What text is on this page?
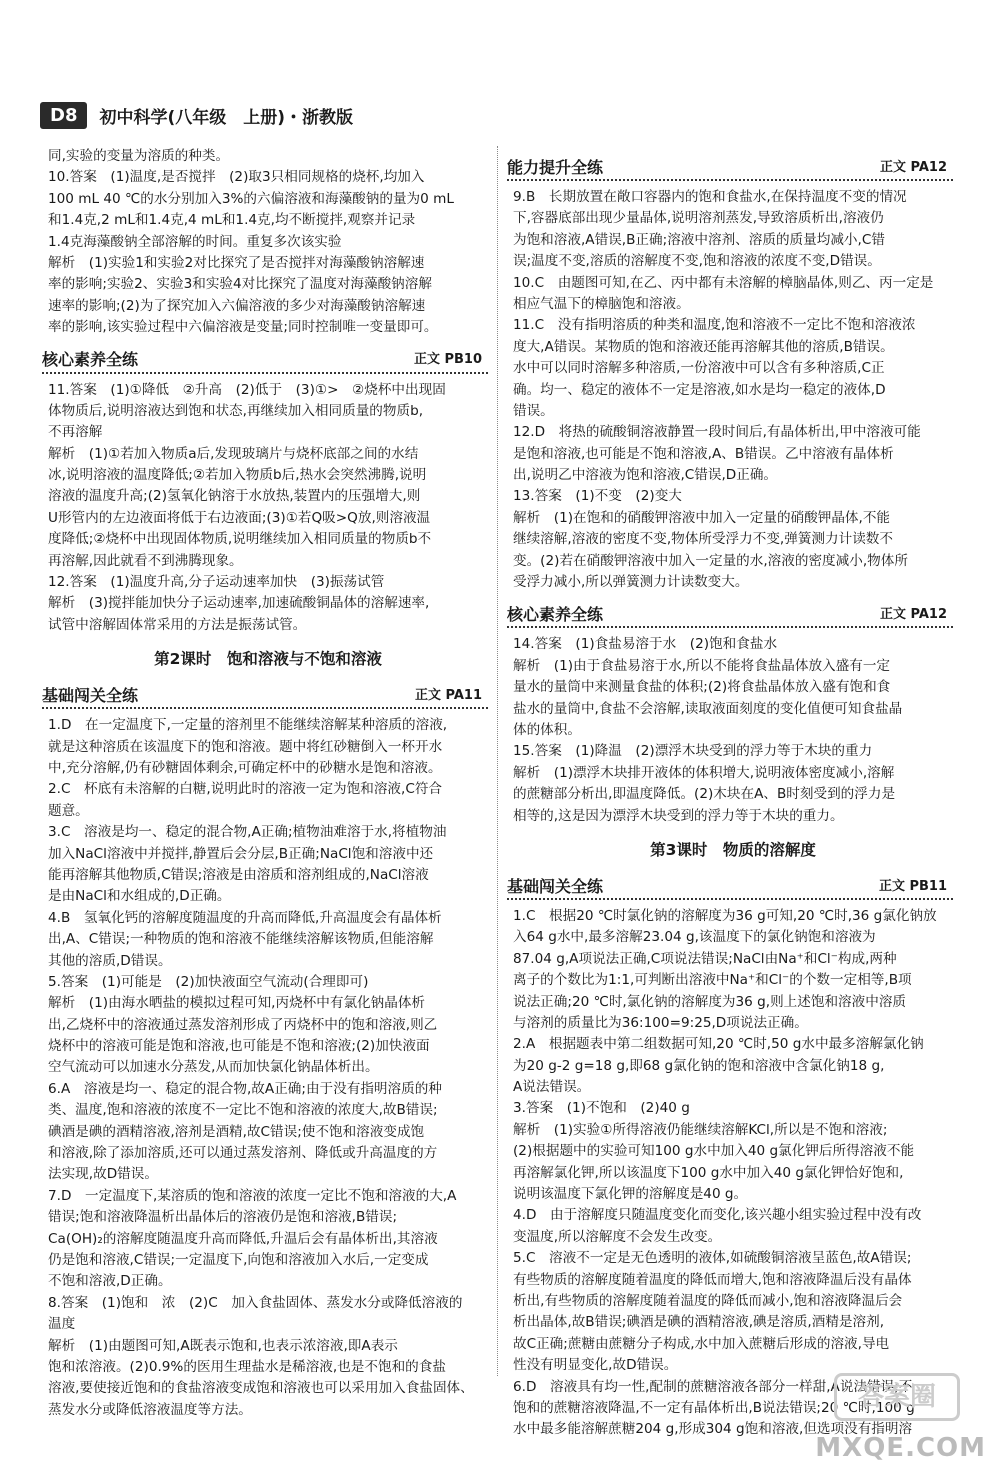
D8	初中科学(八年级　上册)・浙教版
同,实验的变量为溶质的种类。
10.答案　(1)温度,是否搅拌　(2)取3只相同规格的烧杯,均加入
100 mL 40 ℃的水分别加入3%的六偏溶液和海藻酸钠的量为0 mL
和1.4克,2 mL和1.4克,4 mL和1.4克,均不断搅拌,观察并记录
1.4克海藻酸钠全部溶解的时间。重复多次该实验
解析　(1)实验1和实验2对比探究了是否搅拌对海藻酸钠溶解速
率的影响;实验2、实验3和实验4对比探究了温度对海藻酸钠溶解
速率的影响;(2)为了探究加入六偏溶液的多少对海藻酸钠溶解速
率的影响,该实验过程中六偏溶液是变量;同时控制唯一变量即可。
核心素养全练	正文 PB10
11.答案　(1)①降低　②升高　(2)低于　(3)①>　②烧杯中出现固
体物质后,说明溶液达到饱和状态,再继续加入相同质量的物质b,
不再溶解
解析　(1)①若加入物质a后,发现玻璃片与烧杯底部之间的水结
冰,说明溶液的温度降低;②若加入物质b后,热水会突然沸腾,说明
溶液的温度升高;(2)氢氧化钠溶于水放热,装置内的压强增大,则
U形管内的左边液面将低于右边液面;(3)①若Q吸>Q放,则溶液温
度降低;②烧杯中出现固体物质,说明继续加入相同质量的物质b不
再溶解,因此就看不到沸腾现象。
12.答案　(1)温度升高,分子运动速率加快　(3)振荡试管
解析　(3)搅拌能加快分子运动速率,加速硫酸铜晶体的溶解速率,
试管中溶解固体常采用的方法是振荡试管。
第2课时　饱和溶液与不饱和溶液
基础闯关全练	正文 PA11
1.D　在一定温度下,一定量的溶剂里不能继续溶解某种溶质的溶液,
就是这种溶质在该温度下的饱和溶液。题中将红砂糖倒入一杯开水
中,充分溶解,仍有砂糖固体剩余,可确定杯中的砂糖水是饱和溶液。
2.C　杯底有未溶解的白糖,说明此时的溶液一定为饱和溶液,C符合
题意。
3.C　溶液是均一、稳定的混合物,A正确;植物油难溶于水,将植物油
加入NaCl溶液中并搅拌,静置后会分层,B正确;NaCl饱和溶液中还
能再溶解其他物质,C错误;溶液是由溶质和溶剂组成的,NaCl溶液
是由NaCl和水组成的,D正确。
4.B　氢氧化钙的溶解度随温度的升高而降低,升高温度会有晶体析
出,A、C错误;一种物质的饱和溶液不能继续溶解该物质,但能溶解
其他的溶质,D错误。
5.答案　(1)可能是　(2)加快液面空气流动(合理即可)
解析　(1)由海水晒盐的模拟过程可知,丙烧杯中有氯化钠晶体析
出,乙烧杯中的溶液通过蒸发溶剂形成了丙烧杯中的饱和溶液,则乙
烧杯中的溶液可能是饱和溶液,也可能是不饱和溶液;(2)加快液面
空气流动可以加速水分蒸发,从而加快氯化钠晶体析出。
6.A　溶液是均一、稳定的混合物,故A正确;由于没有指明溶质的种
类、温度,饱和溶液的浓度不一定比不饱和溶液的浓度大,故B错误;
碘酒是碘的酒精溶液,溶剂是酒精,故C错误;使不饱和溶液变成饱
和溶液,除了添加溶质,还可以通过蒸发溶剂、降低或升高温度的方
法实现,故D错误。
7.D　一定温度下,某溶质的饱和溶液的浓度一定比不饱和溶液的大,A
错误;饱和溶液降温析出晶体后的溶液仍是饱和溶液,B错误;
Ca(OH)₂的溶解度随温度升高而降低,升温后会有晶体析出,其溶液
仍是饱和溶液,C错误;一定温度下,向饱和溶液加入水后,一定变成
不饱和溶液,D正确。
8.答案　(1)饱和　浓　(2)C　加入食盐固体、蒸发水分或降低溶液的
温度
解析　(1)由题图可知,A既表示饱和,也表示浓溶液,即A表示
饱和浓溶液。(2)0.9%的医用生理盐水是稀溶液,也是不饱和的食盐
溶液,要使接近饱和的食盐溶液变成饱和溶液也可以采用加入食盐固体、
蒸发水分或降低溶液温度等方法。
能力提升全练	正文 PA12
9.B　长期放置在敞口容器内的饱和食盐水,在保持温度不变的情况
下,容器底部出现少量晶体,说明溶剂蒸发,导致溶质析出,溶液仍
为饱和溶液,A错误,B正确;溶液中溶剂、溶质的质量均减小,C错
误;温度不变,溶质的溶解度不变,饱和溶液的浓度不变,D错误。
10.C　由题图可知,在乙、丙中都有未溶解的樟脑晶体,则乙、丙一定是
相应气温下的樟脑饱和溶液。
11.C　没有指明溶质的种类和温度,饱和溶液不一定比不饱和溶液浓
度大,A错误。某物质的饱和溶液还能再溶解其他的溶质,B错误。
水中可以同时溶解多种溶质,一份溶液中可以含有多种溶质,C正
确。均一、稳定的液体不一定是溶液,如水是均一稳定的液体,D
错误。
12.D　将热的硫酸铜溶液静置一段时间后,有晶体析出,甲中溶液可能
是饱和溶液,也可能是不饱和溶液,A、B错误。乙中溶液有晶体析
出,说明乙中溶液为饱和溶液,C错误,D正确。
13.答案　(1)不变　(2)变大
解析　(1)在饱和的硝酸钾溶液中加入一定量的硝酸钾晶体,不能
继续溶解,溶液的密度不变,物体所受浮力不变,弹簧测力计读数不
变。(2)若在硝酸钾溶液中加入一定量的水,溶液的密度减小,物体所
受浮力减小,所以弹簧测力计读数变大。
核心素养全练	正文 PA12
14.答案　(1)食盐易溶于水　(2)饱和食盐水
解析　(1)由于食盐易溶于水,所以不能将食盐晶体放入盛有一定
量水的量筒中来测量食盐的体积;(2)将食盐晶体放入盛有饱和食
盐水的量筒中,食盐不会溶解,读取液面刻度的变化值便可知食盐晶
体的体积。
15.答案　(1)降温　(2)漂浮木块受到的浮力等于木块的重力
解析　(1)漂浮木块排开液体的体积增大,说明液体密度减小,溶解
的蔗糖部分析出,即温度降低。(2)木块在A、B时刻受到的浮力是
相等的,这是因为漂浮木块受到的浮力等于木块的重力。
第3课时　物质的溶解度
基础闯关全练	正文 PB11
1.C　根据20 ℃时氯化钠的溶解度为36 g可知,20 ℃时,36 g氯化钠放
入64 g水中,最多溶解23.04 g,该温度下的氯化钠饱和溶液为
87.04 g,A项说法正确,C项说法错误;NaCl由Na⁺和Cl⁻构成,两种
离子的个数比为1:1,可判断出溶液中Na⁺和Cl⁻的个数一定相等,B项
说法正确;20 ℃时,氯化钠的溶解度为36 g,则上述饱和溶液中溶质
与溶剂的质量比为36:100=9:25,D项说法正确。
2.A　根据题表中第二组数据可知,20 ℃时,50 g水中最多溶解氯化钠
为20 g-2 g=18 g,即68 g氯化钠的饱和溶液中含氯化钠18 g,
A说法错误。
3.答案　(1)不饱和　(2)40 g
解析　(1)实验①所得溶液仍能继续溶解KCl,所以是不饱和溶液;
(2)根据题中的实验可知100 g水中加入40 g氯化钾后所得溶液不能
再溶解氯化钾,所以该温度下100 g水中加入40 g氯化钾恰好饱和,
说明该温度下氯化钾的溶解度是40 g。
4.D　由于溶解度只随温度变化而变化,该兴趣小组实验过程中没有改
变温度,所以溶解度不会发生改变。
5.C　溶液不一定是无色透明的液体,如硫酸铜溶液呈蓝色,故A错误;
有些物质的溶解度随着温度的降低而增大,饱和溶液降温后没有晶体
析出,有些物质的溶解度随着温度的降低而减小,饱和溶液降温后会
析出晶体,故B错误;碘酒是碘的酒精溶液,碘是溶质,酒精是溶剂,
故C正确;蔗糖由蔗糖分子构成,水中加入蔗糖后形成的溶液,导电
性没有明显变化,故D错误。
6.D　溶液具有均一性,配制的蔗糖溶液各部分一样甜,A说法错误;不
饱和的蔗糖溶液降温,不一定有晶体析出,B说法错误;20 ℃时,100 g
水中最多能溶解蔗糖204 g,形成304 g饱和溶液,但选项没有指明溶
答案圈
MXQE.COM
